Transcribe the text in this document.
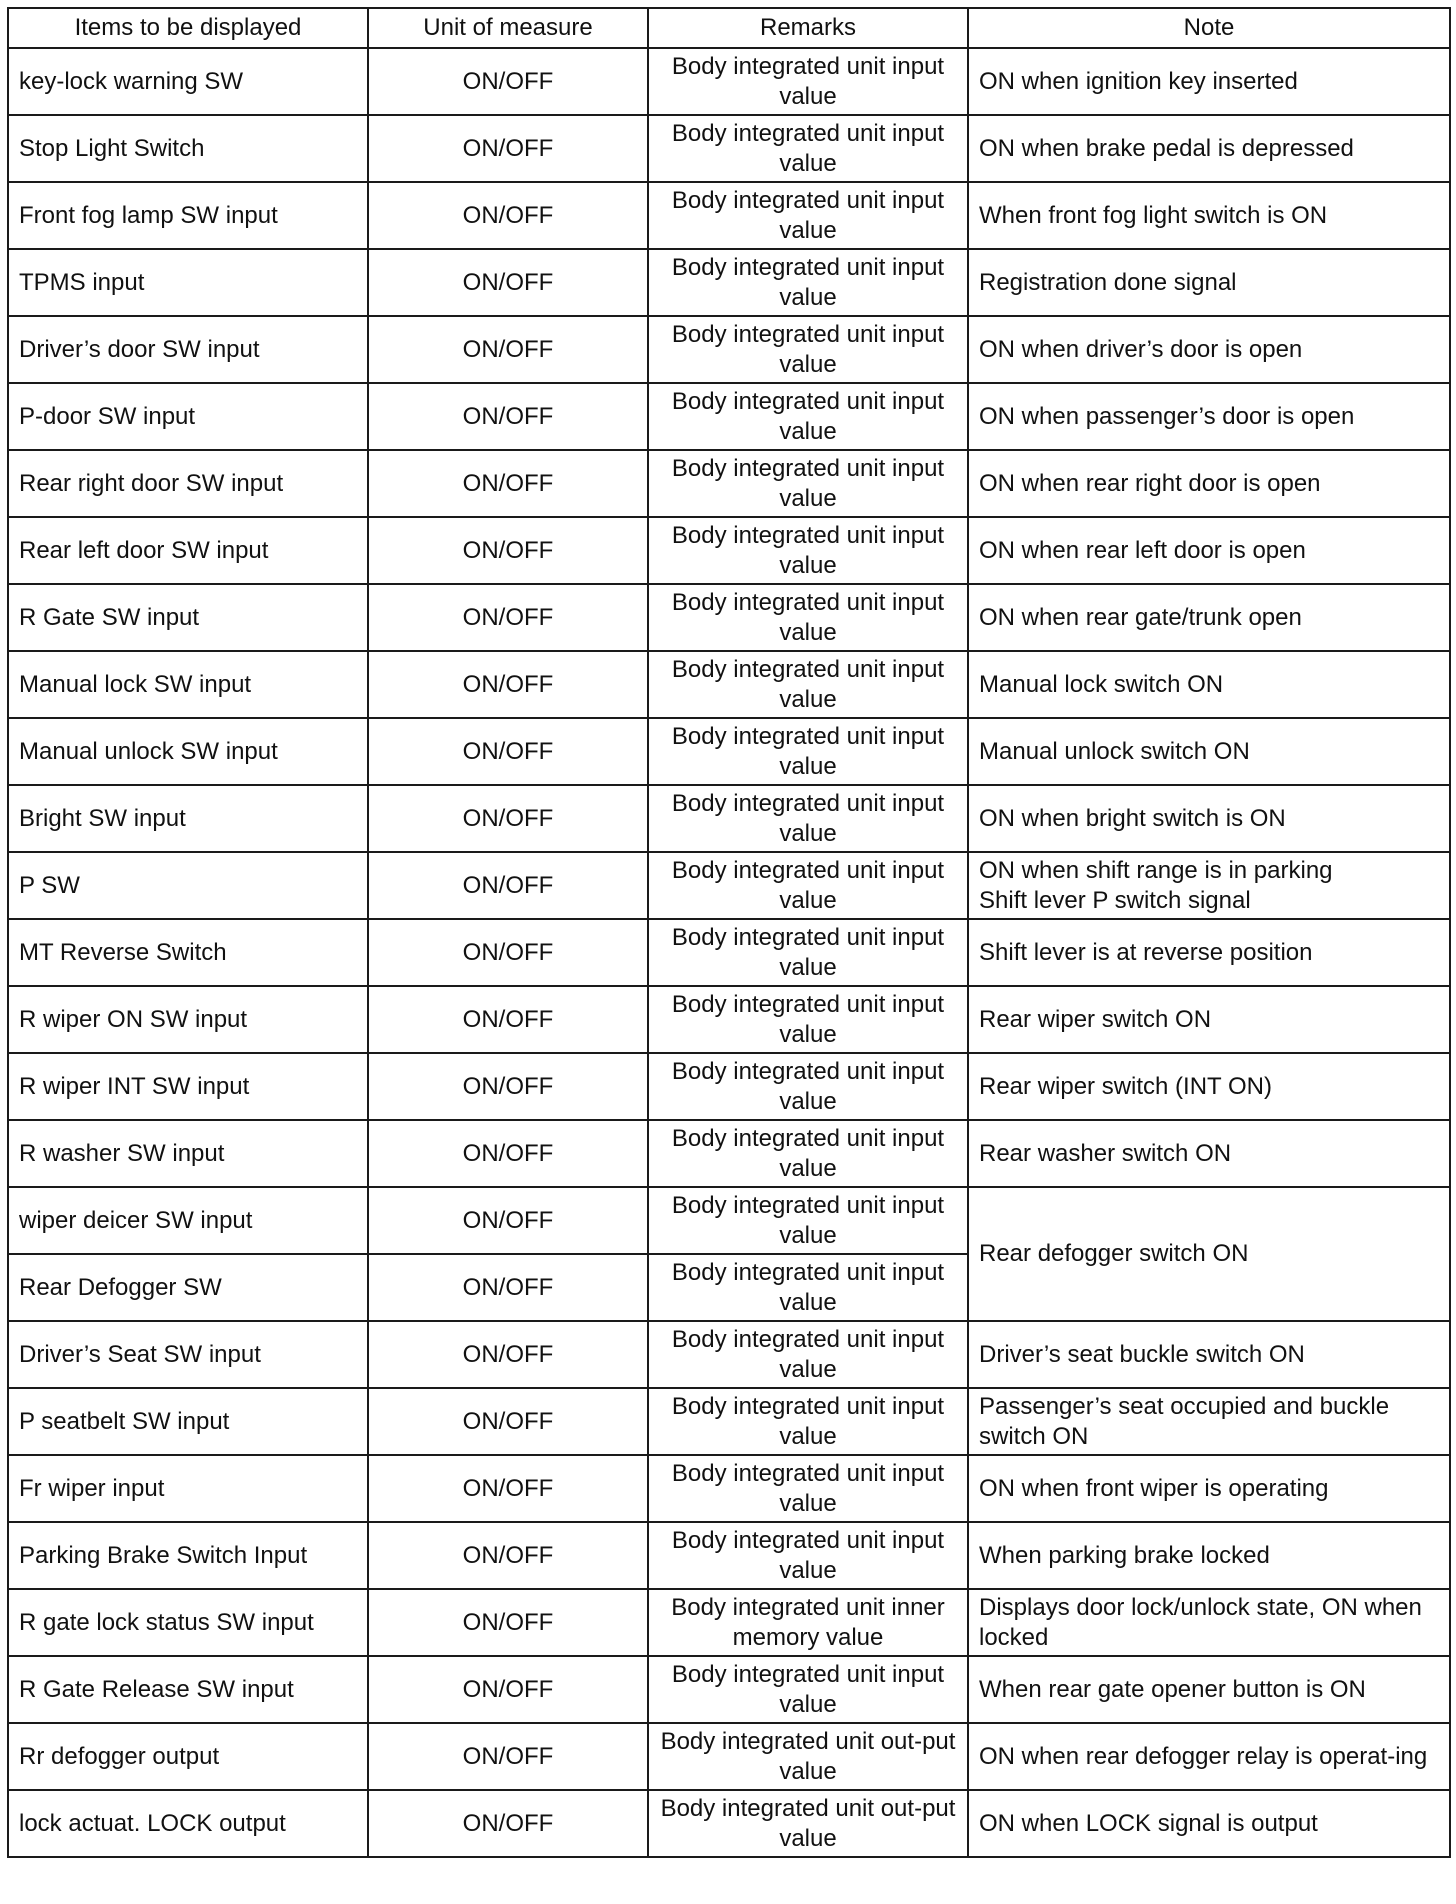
Items to be displayed	Unit of measure	Remarks	Note
key-lock warning SW	ON/OFF	Body integrated unit input value	ON when ignition key inserted
Stop Light Switch	ON/OFF	Body integrated unit input value	ON when brake pedal is depressed
Front fog lamp SW input	ON/OFF	Body integrated unit input value	When front fog light switch is ON
TPMS input	ON/OFF	Body integrated unit input value	Registration done signal
Driver’s door SW input	ON/OFF	Body integrated unit input value	ON when driver’s door is open
P-door SW input	ON/OFF	Body integrated unit input value	ON when passenger’s door is open
Rear right door SW input	ON/OFF	Body integrated unit input value	ON when rear right door is open
Rear left door SW input	ON/OFF	Body integrated unit input value	ON when rear left door is open
R Gate SW input	ON/OFF	Body integrated unit input value	ON when rear gate/trunk open
Manual lock SW input	ON/OFF	Body integrated unit input value	Manual lock switch ON
Manual unlock SW input	ON/OFF	Body integrated unit input value	Manual unlock switch ON
Bright SW input	ON/OFF	Body integrated unit input value	ON when bright switch is ON
P SW	ON/OFF	Body integrated unit input value	ON when shift range is in parking
Shift lever P switch signal

MT Reverse Switch	ON/OFF	Body integrated unit input value	Shift lever is at reverse position
R wiper ON SW input	ON/OFF	Body integrated unit input value	Rear wiper switch ON
R wiper INT SW input	ON/OFF	Body integrated unit input value	Rear wiper switch (INT ON)
R washer SW input	ON/OFF	Body integrated unit input value	Rear washer switch ON
wiper deicer SW input	ON/OFF	Body integrated unit input value	Rear defogger switch ON
Rear Defogger SW	ON/OFF	Body integrated unit input value	
Driver’s Seat SW input	ON/OFF	Body integrated unit input value	Driver’s seat buckle switch ON
P seatbelt SW input	ON/OFF	Body integrated unit input value	Passenger’s seat occupied and buckle switch ON
Fr wiper input	ON/OFF	Body integrated unit input value	ON when front wiper is operating
Parking Brake Switch Input	ON/OFF	Body integrated unit input value	When parking brake locked
R gate lock status SW input	ON/OFF	Body integrated unit inner memory value	Displays door lock/unlock state, ON when locked
R Gate Release SW input	ON/OFF	Body integrated unit input value	When rear gate opener button is ON
Rr defogger output	ON/OFF	Body integrated unit out-put value	ON when rear defogger relay is operat-ing
lock actuat. LOCK output	ON/OFF	Body integrated unit out-put value	ON when LOCK signal is output
